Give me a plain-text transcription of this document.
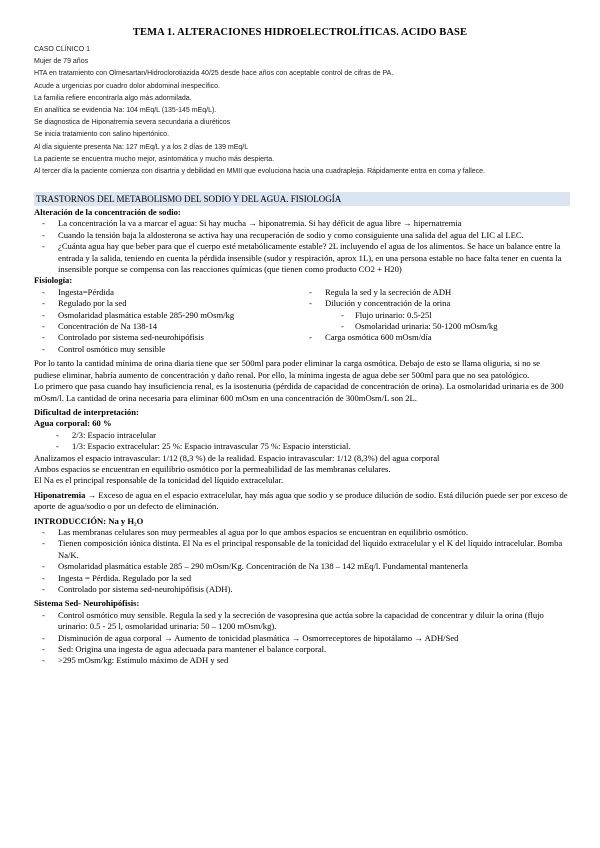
TEMA 1. ALTERACIONES HIDROELECTROLÍTICAS. ACIDO BASE
CASO CLÍNICO 1
Mujer de 79 años
HTA en tratamiento con Olmesartan/Hidroclorotiazida 40/25 desde hace años con aceptable control de cifras de PA.
Acude a urgencias por cuadro dolor abdominal inespecífico.
La familia refiere encontrarla algo más adormilada.
En analítica se evidencia Na: 104 mEq/L (135-145 mEq/L).
Se diagnostica de Hiponatremia severa secundaria a diuréticos
Se inicia tratamiento con salino hipertónico.
Al día siguiente presenta Na: 127 mEq/L y a los 2 días de 139 mEq/L
La paciente se encuentra mucho mejor, asintomática y mucho más despierta.
Al tercer día la paciente comienza con disartria y debilidad en MMII que evoluciona hacia una cuadraplejia. Rápidamente entra en coma y fallece.
TRASTORNOS DEL METABOLISMO DEL SODIO Y DEL AGUA. FISIOLOGÍA

Alteración de la concentración de sodio:

- La concentración la va a marcar el agua: Si hay mucha → hiponatremia. Si hay déficit de agua libre → hipernatremia
- Cuando la tensión baja la aldosterona se activa hay una recuperación de sodio y como consiguiente una salida del agua del LIC al LEC.
- ¿Cuánta agua hay que beber para que el cuerpo esté metabólicamente estable? 2L incluyendo el agua de los alimentos. Se hace un balance entre la entrada y la salida, teniendo en cuenta la pérdida insensible (sudor y respiración, aprox 1L), en una persona estable no hace falta tener en cuenta la insensible porque se compensa con las reacciones químicas (que tienen como producto CO2 + H20)

Fisiología:

- Ingesta=Pérdida
- Regulado por la sed
- Osmolaridad plasmática estable 285-290 mOsm/kg
- Concentración de Na 138-14
- Controlado por sistema sed-neurohipófisis
- Control osmótico muy sensible
- Regula la sed y la secreción de ADH
- Dilución y concentración de la orina
- Flujo urinario: 0.5-25l
- Osmolaridad urinaria: 50-1200 mOsm/kg
- Carga osmótica 600 mOsm/día

Por lo tanto la cantidad mínima de orina diaria tiene que ser 500ml para poder eliminar la carga osmótica. Debajo de esto se llama oliguria, si no se pudiese eliminar, habría aumento de concentración y daño renal. Por ello, la mínima ingesta de agua debe ser 500ml para que no sea patológico.

Lo primero que pasa cuando hay insuficiencia renal, es la isostenuria (pérdida de capacidad de concentración de orina). La osmolaridad urinaria es de 300 mOsm/l. La cantidad de orina necesaria para eliminar 600 mOsm en una concentración de 300mOsm/L son 2L.

Dificultad de interpretación:

Agua corporal: 60 %

- 2/3: Espacio intracelular
- 1/3: Espacio extracelular: 25 %: Espacio intravascular 75 %: Espacio intersticial.

Analizamos el espacio intravascular: 1/12 (8,3 %) de la realidad. Espacio intravascular: 1/12 (8,3%) del agua corporal

Ambos espacios se encuentran en equilibrio osmótico por la permeabilidad de las membranas celulares.

El Na es el principal responsable de la tonicidad del líquido extracelular.

Hiponatremia → Exceso de agua en el espacio extracelular, hay más agua que sodio y se produce dilución de sodio. Está dilución puede ser por exceso de aporte de agua/sodio o por un defecto de eliminación.

INTRODUCCIÓN: Na y H₂O

- Las membranas celulares son muy permeables al agua por lo que ambos espacios se encuentran en equilibrio osmótico.
- Tienen composición iónica distinta. El Na es el principal responsable de la tonicidad del líquido extracelular y el K del líquido intracelular. Bomba Na/K.
- Osmolaridad plasmática estable 285 – 290 mOsm/Kg. Concentración de Na 138 – 142 mEq/l. Fundamental mantenerla
- Ingesta = Pérdida. Regulado por la sed
- Controlado por sistema sed-neurohipófisis (ADH).

Sistema Sed- Neurohipófisis:

- Control osmótico muy sensible. Regula la sed y la secreción de vasopresina que actúa sobre la capacidad de concentrar y diluir la orina (flujo urinario: 0.5 - 25 l, osmolaridad urinaria: 50 – 1200 mOsm/kg).
- Disminución de agua corporal → Aumento de tonicidad plasmática → Osmorreceptores de hipotálamo → ADH/Sed
- Sed: Origina una ingesta de agua adecuada para mantener el balance corporal.
- >295 mOsm/kg: Estímulo máximo de ADH y sed
